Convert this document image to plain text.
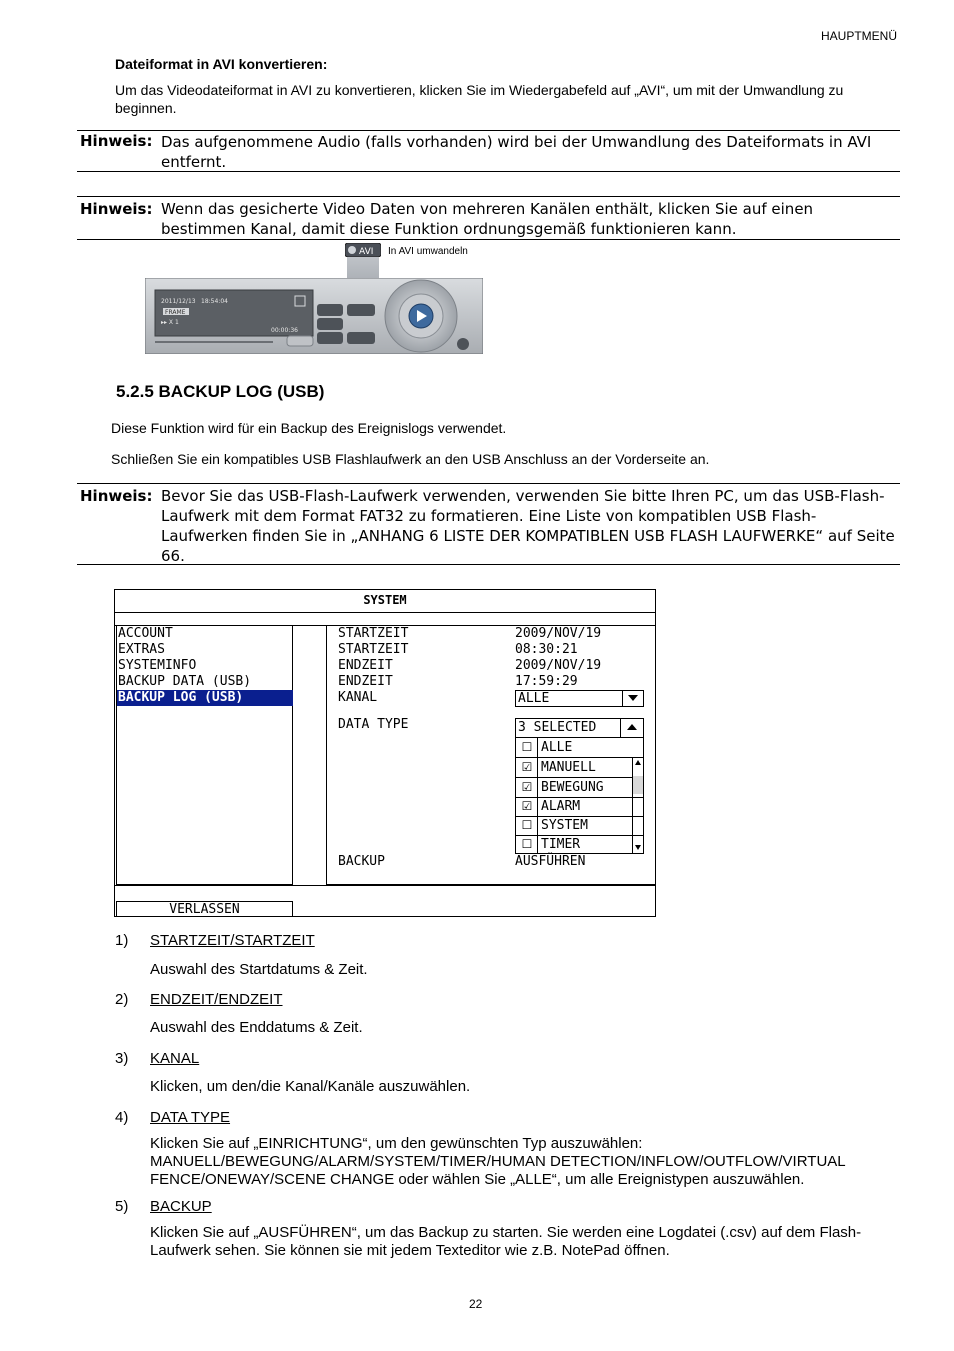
HAUPTMENÜ
Dateiformat in AVI konvertieren:
Um das Videodateiformat in AVI zu konvertieren, klicken Sie im Wiedergabefeld auf „AVI“, um mit der Umwandlung zu beginnen.
Hinweis: Das aufgenommene Audio (falls vorhanden) wird bei der Umwandlung des Dateiformats in AVI entfernt.
Hinweis: Wenn das gesicherte Video Daten von mehreren Kanälen enthält, klicken Sie auf einen bestimmen Kanal, damit diese Funktion ordnungsgemäß funktionieren kann.
AVI In AVI umwandeln
2011/12/13 18:54:04
FRAME
▸▸ X 1
00:00:36
5.2.5 BACKUP LOG (USB)
Diese Funktion wird für ein Backup des Ereignislogs verwendet.
Schließen Sie ein kompatibles USB Flashlaufwerk an den USB Anschluss an der Vorderseite an.
Hinweis: Bevor Sie das USB-Flash-Laufwerk verwenden, verwenden Sie bitte Ihren PC, um das USB-Flash-Laufwerk mit dem Format FAT32 zu formatieren. Eine Liste von kompatiblen USB Flash-Laufwerken finden Sie in „ANHANG 6 LISTE DER KOMPATIBLEN USB FLASH LAUFWERKE“ auf Seite 66.
SYSTEM
ACCOUNT
EXTRAS
SYSTEMINFO
BACKUP DATA (USB)
BACKUP LOG (USB)
STARTZEIT	2009/NOV/19
STARTZEIT	08:30:21
ENDZEIT	2009/NOV/19
ENDZEIT	17:59:29
KANAL	ALLE
DATA TYPE	3 SELECTED
☐ ALLE
☑ MANUELL
☑ BEWEGUNG
☑ ALARM
☐ SYSTEM
☐ TIMER
BACKUP	AUSFÜHREN
VERLASSEN
1) STARTZEIT/STARTZEIT
Auswahl des Startdatums & Zeit.
2) ENDZEIT/ENDZEIT
Auswahl des Enddatums & Zeit.
3) KANAL
Klicken, um den/die Kanal/Kanäle auszuwählen.
4) DATA TYPE
Klicken Sie auf „EINRICHTUNG“, um den gewünschten Typ auszuwählen: MANUELL/BEWEGUNG/ALARM/SYSTEM/TIMER/HUMAN DETECTION/INFLOW/OUTFLOW/VIRTUAL FENCE/ONEWAY/SCENE CHANGE oder wählen Sie „ALLE“, um alle Ereignistypen auszuwählen.
5) BACKUP
Klicken Sie auf „AUSFÜHREN“, um das Backup zu starten. Sie werden eine Logdatei (.csv) auf dem Flash-Laufwerk sehen. Sie können sie mit jedem Texteditor wie z.B. NotePad öffnen.
22
